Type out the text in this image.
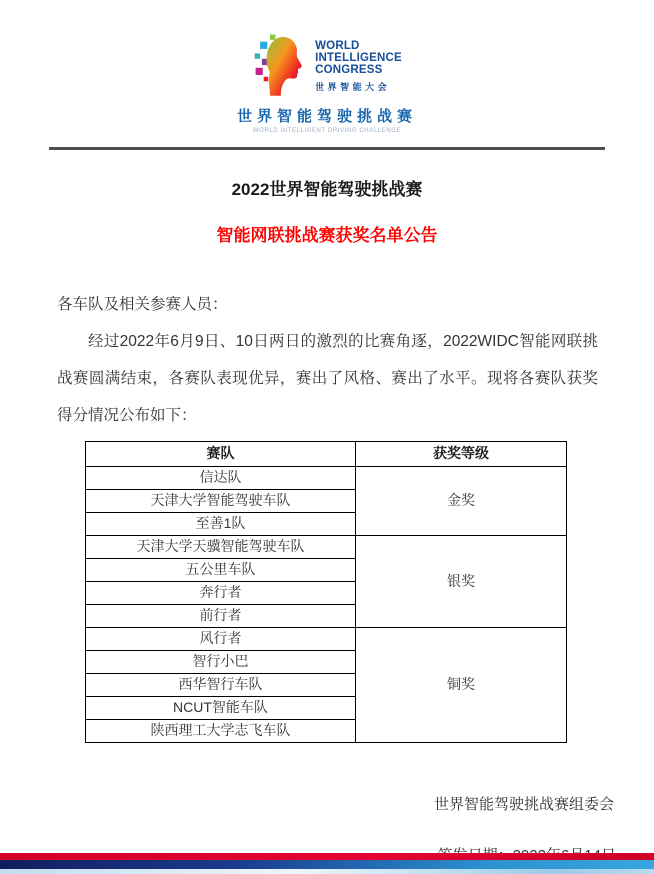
WORLD
INTELLIGENCE
CONGRESS
世界智能大会
世界智能驾驶挑战赛
WORLD INTELLIGENT DRIVING CHALLENGE
2022世界智能驾驶挑战赛
智能网联挑战赛获奖名单公告
各车队及相关参赛人员：
经过2022年6月9日、10日两日的激烈的比赛角逐，2022WIDC智能网联挑战赛圆满结束，各赛队表现优异，赛出了风格、赛出了水平。现将各赛队获奖得分情况公布如下：
赛队	获奖等级
信达队	金奖
天津大学智能驾驶车队	
至善1队	
天津大学天骥智能驾驶车队	银奖
五公里车队	
奔行者	
前行者	
风行者	铜奖
智行小巴	
西华智行车队	
NCUT智能车队	
陕西理工大学志飞车队	
世界智能驾驶挑战赛组委会
